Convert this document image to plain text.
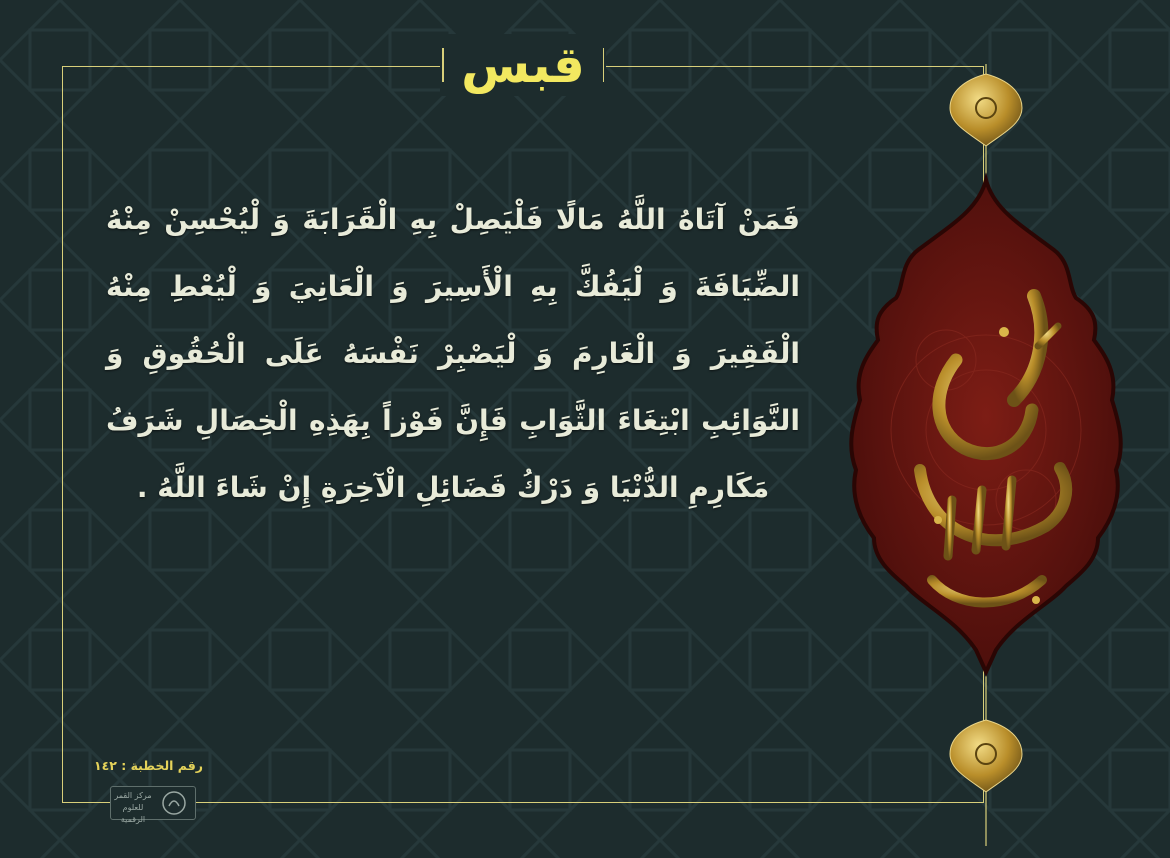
قبس
فَمَنْ آتَاهُ اللَّهُ مَالًا فَلْيَصِلْ بِهِ الْقَرَابَةَ وَ لْيُحْسِنْ مِنْهُ الضِّيَافَةَ وَ لْيَفُكَّ بِهِ الْأَسِيرَ وَ الْعَانِيَ وَ لْيُعْطِ مِنْهُ الْفَقِيرَ وَ الْغَارِمَ وَ لْيَصْبِرْ نَفْسَهُ عَلَى الْحُقُوقِ وَ النَّوَائِبِ ابْتِغَاءَ الثَّوَابِ فَإِنَّ فَوْزاً بِهَذِهِ الْخِصَالِ شَرَفُ مَكَارِمِ الدُّنْيَا وَ دَرْكُ فَضَائِلِ الْآخِرَةِ إِنْ شَاءَ اللَّهُ .
رقم الخطبة : ١٤٢
مركز القمر للعلوم الرقمية
نهج البلاغة
